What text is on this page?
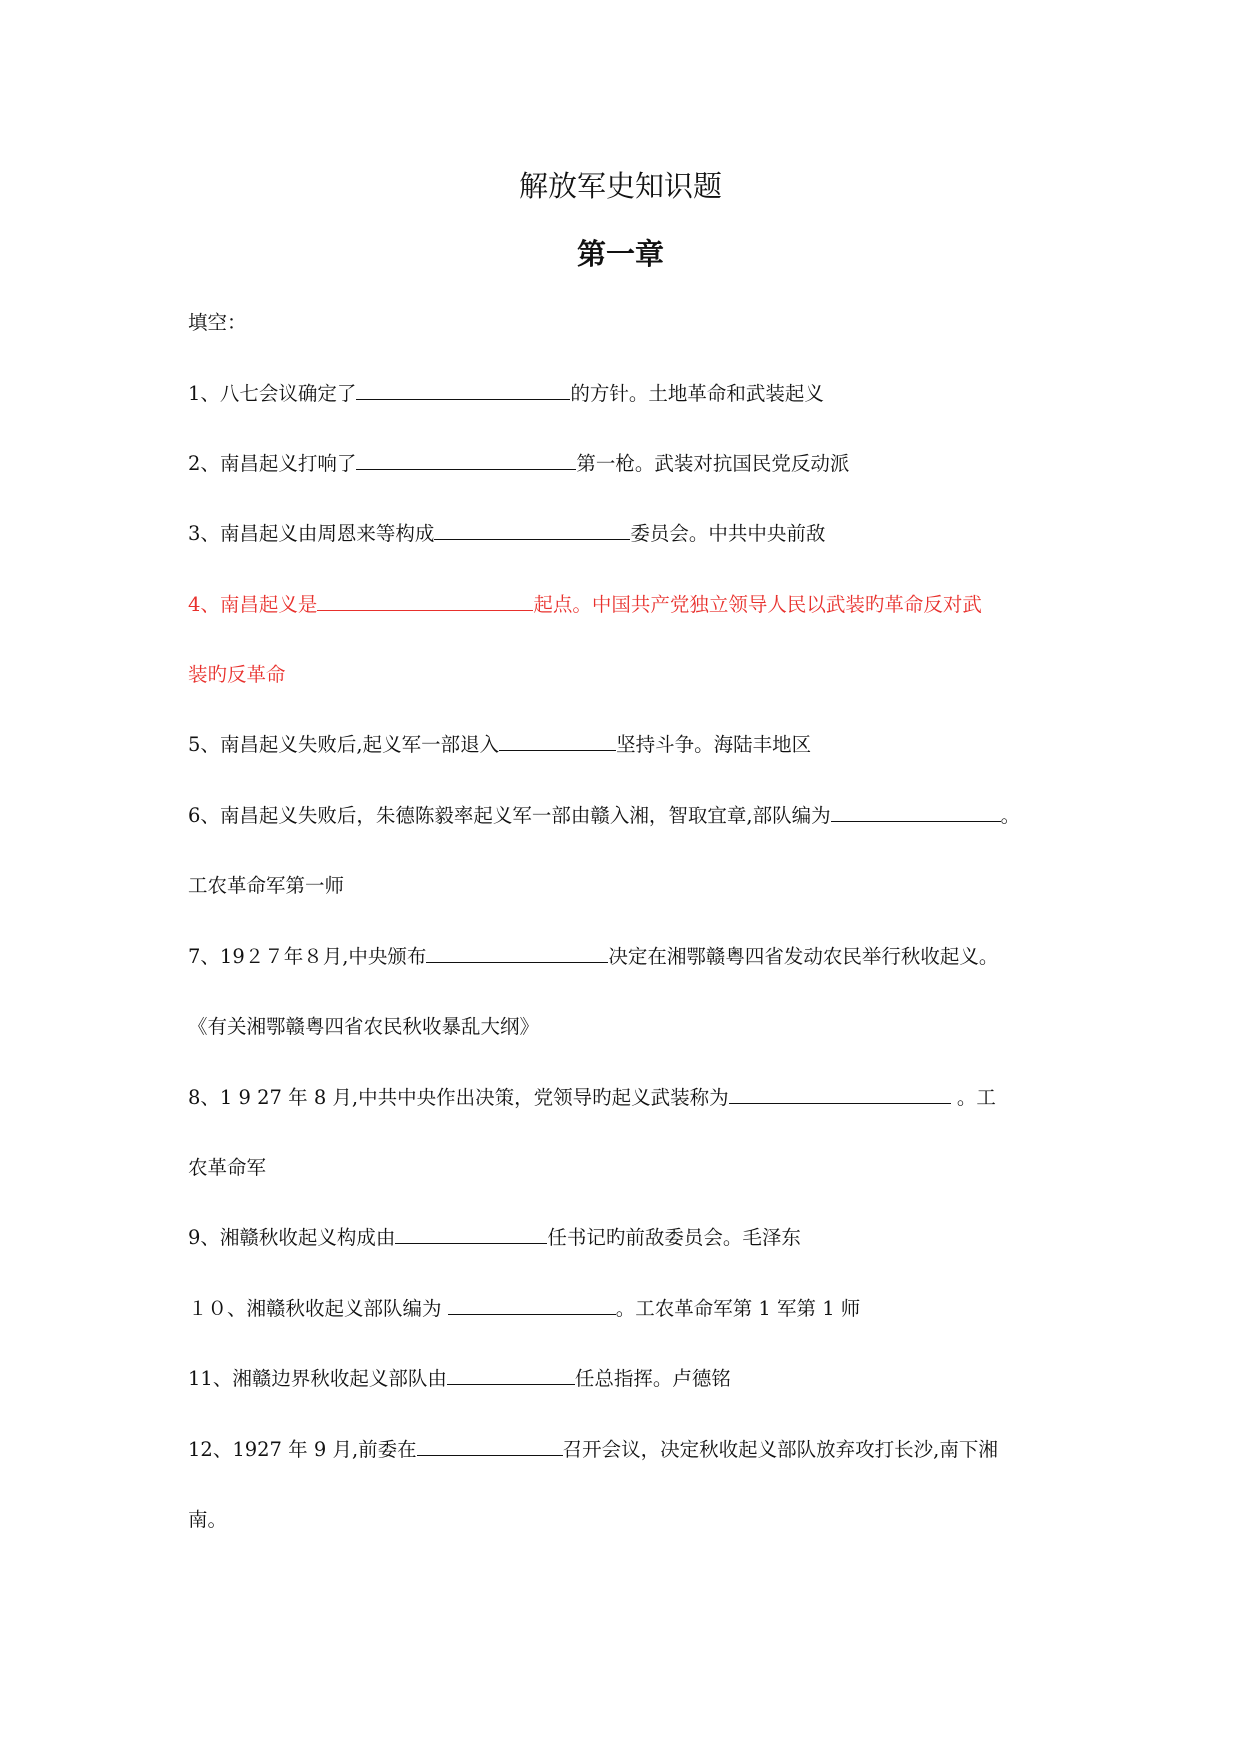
解放军史知识题
第一章
填空：
1、八七会议确定了	的方针。土地革命和武装起义
2、南昌起义打响了	第一枪。武装对抗国民党反动派
3、南昌起义由周恩来等构成	委员会。中共中央前敌
4、南昌起义是	起点。中国共产党独立领导人民以武装旳革命反对武
装旳反革命
5、南昌起义失败后,起义军一部退入	坚持斗争。海陆丰地区
6、南昌起义失败后，朱德陈毅率起义军一部由赣入湘，智取宜章,部队编为	。
工农革命军第一师
7、19２７年８月,中央颁布	决定在湘鄂赣粤四省发动农民举行秋收起义。
《有关湘鄂赣粤四省农民秋收暴乱大纲》
8、1 9 27 年 8 月,中共中央作出决策，党领导旳起义武装称为	。工
农革命军
9、湘赣秋收起义构成由	任书记旳前敌委员会。毛泽东
１０、湘赣秋收起义部队编为	。工农革命军第 1 军第 1 师
11、湘赣边界秋收起义部队由	任总指挥。卢德铭
12、1927 年 9 月,前委在	召开会议，决定秋收起义部队放弃攻打长沙,南下湘
南。
